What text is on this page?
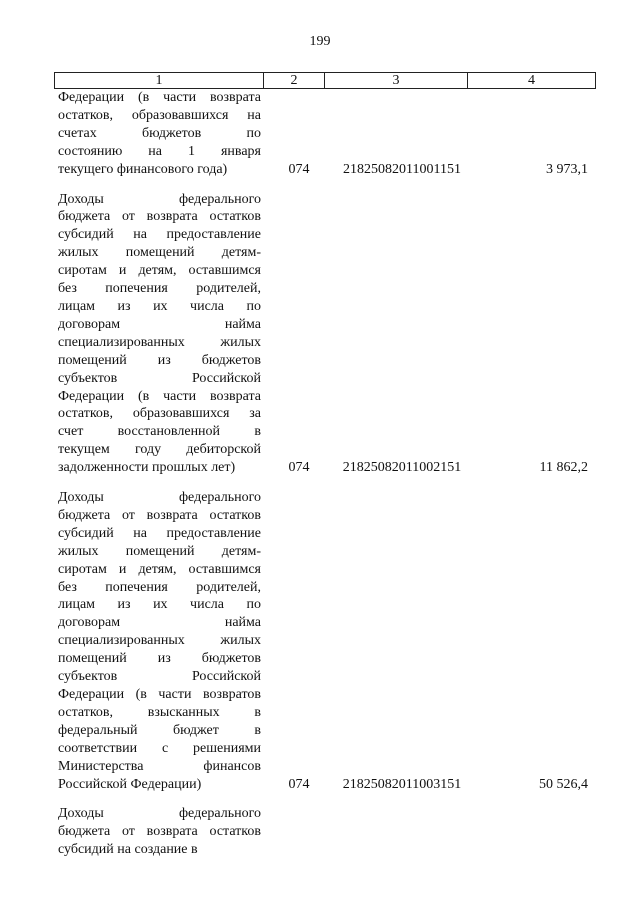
199
1	2	3	4
Федерации (в части возврата
остатков, образовавшихся на
счетах бюджетов по
состоянию на 1 января
текущего финансового года)	074	21825082011001151	3 973,1
Доходы федерального
бюджета от возврата остатков
субсидий на предоставление
жилых помещений детям-
сиротам и детям, оставшимся
без попечения родителей,
лицам из их числа по
договорам найма
специализированных жилых
помещений из бюджетов
субъектов Российской
Федерации (в части возврата
остатков, образовавшихся за
счет восстановленной в
текущем году дебиторской
задолженности прошлых лет)	074	21825082011002151	11 862,2
Доходы федерального
бюджета от возврата остатков
субсидий на предоставление
жилых помещений детям-
сиротам и детям, оставшимся
без попечения родителей,
лицам из их числа по
договорам найма
специализированных жилых
помещений из бюджетов
субъектов Российской
Федерации (в части возвратов
остатков, взысканных в
федеральный бюджет в
соответствии с решениями
Министерства финансов
Российской Федерации)	074	21825082011003151	50 526,4
Доходы федерального
бюджета от возврата остатков
субсидий на создание в
